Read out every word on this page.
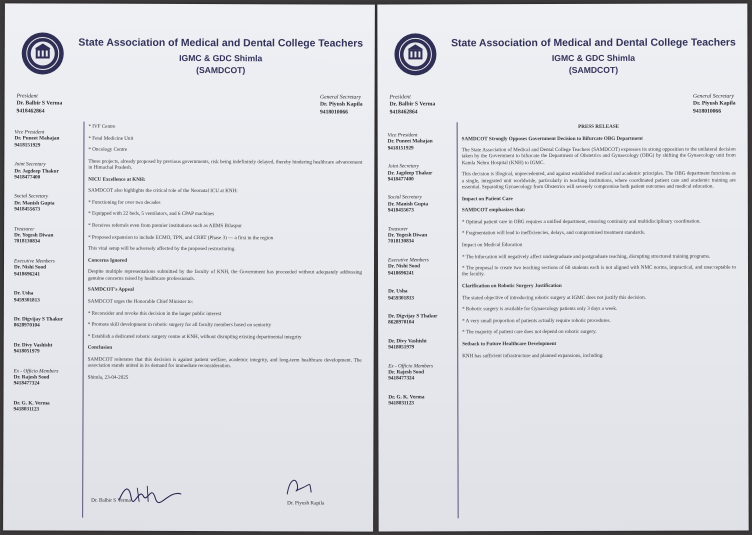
State Association of Medical and Dental College Teachers
IGMC & GDC Shimla
(SAMDCOT)
President
Dr. Balbir S Verma
9418462864
General Secretary
Dr. Piyush Kapila
9418010066
Vice President
Dr. Puneet Mahajan
9418151929
Joint Secretary
Dr. Jagdeep Thakur
9418477400
Social Secretary
Dr. Manish Gupta
9418455673
Treasurer
Dr. Yogesh Diwan
7018130834
Executive Members
Dr. Nishi Sood
9418696241
Dr. Usha
9459301813
Dr. Digvijay S Thakur
8628970104
Dr. Divy Vashisht
9418051979
Ex - Officio Members
Dr. Rajesh Sood
9418477324
Dr. G. K. Verma
9418031123

* IVF Centre

* Fetal Medicine Unit

* Oncology Centre

These projects, already proposed by previous governments, risk being indefinitely delayed, thereby hindering healthcare advancement in Himachal Pradesh.

NICU Excellence at KNH:

SAMDCOT also highlights the critical role of the Neonatal ICU at KNH:

* Functioning for over two decades

* Equipped with 22 beds, 5 ventilators, and 6 CPAP machines

* Receives referrals even from premier institutions such as AIIMS Bilaspur

* Proposed expansion to include ECMO, TPN, and CRRT (Phase 3) — a first in the region

This vital setup will be adversely affected by the proposed restructuring.

Concerns Ignored

Despite multiple representations submitted by the faculty of KNH, the Government has proceeded without adequately addressing genuine concerns raised by healthcare professionals.

SAMDCOT's Appeal

SAMDCOT urges the Honorable Chief Minister to:

* Reconsider and revoke this decision in the larger public interest

* Promote skill development in robotic surgery for all faculty members based on seniority

* Establish a dedicated robotic surgery centre at KNH, without disrupting existing departmental integrity

Conclusion

SAMDCOT reiterates that this decision is against patient welfare, academic integrity, and long-term healthcare development. The association stands united in its demand for immediate reconsideration.

Shimla, 23-04-2025

Dr. Balbir S Verma	Dr. Piyush Kapila
State Association of Medical and Dental College Teachers
IGMC & GDC Shimla
(SAMDCOT)
President
Dr. Balbir S Verma
9418462864
General Secretary
Dr. Piyush Kapila
9418010066
Vice President
Dr. Puneet Mahajan
9418151929
Joint Secretary
Dr. Jagdeep Thakur
9418477400
Social Secretary
Dr. Manish Gupta
9418455673
Treasurer
Dr. Yogesh Diwan
7018130834
Executive Members
Dr. Nishi Sood
9418696241
Dr. Usha
9459301813
Dr. Digvijay S Thakur
8628970104
Dr. Divy Vashisht
9418051979
Ex - Officio Members
Dr. Rajesh Sood
9418477324
Dr. G. K. Verma
9418031123

PRESS RELEASE

SAMDCOT Strongly Opposes Government Decision to Bifurcate OBG Department

The State Association of Medical and Dental College Teachers (SAMDCOT) expresses its strong opposition to the unilateral decision taken by the Government to bifurcate the Department of Obstetrics and Gynaecology (OBG) by shifting the Gynaecology unit from Kamla Nehru Hospital (KNH) to IGMC.

This decision is illogical, unprecedented, and against established medical and academic principles. The OBG department functions as a single, integrated unit worldwide, particularly in teaching institutions, where coordinated patient care and academic training are essential. Separating Gynaecology from Obstetrics will severely compromise both patient outcomes and medical education.

Impact on Patient Care

SAMDCOT emphasizes that:

* Optimal patient care in OBG requires a unified department, ensuring continuity and multidisciplinary coordination.

* Fragmentation will lead to inefficiencies, delays, and compromised treatment standards.

Impact on Medical Education

* The bifurcation will negatively affect undergraduate and postgraduate teaching, disrupting structured training programs.

* The proposal to create two teaching sections of 60 students each is not aligned with NMC norms, impractical, and unacceptable to the faculty.

Clarification on Robotic Surgery Justification

The stated objective of introducing robotic surgery at IGMC does not justify this decision.

* Robotic surgery is available for Gynaecology patients only 3 days a week.

* A very small proportion of patients actually require robotic procedures.

* The majority of patient care does not depend on robotic surgery.

Setback to Future Healthcare Development

KNH has sufficient infrastructure and planned expansions, including:
